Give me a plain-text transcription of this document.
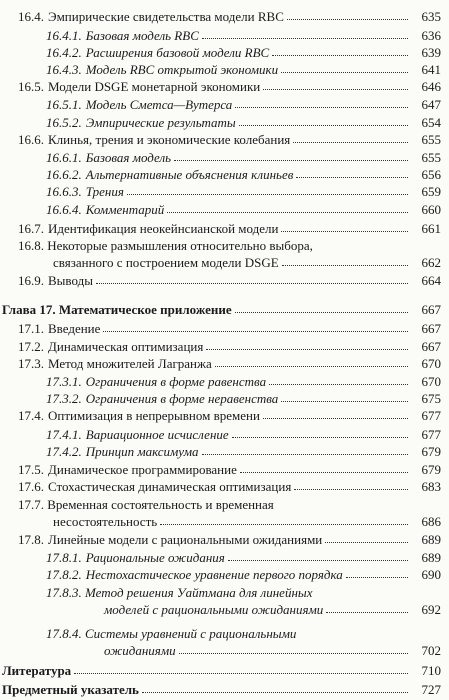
16.4. Эмпирические свидетельства модели RBC	635
16.4.1. Базовая модель RBC	636
16.4.2. Расширения базовой модели RBC	639
16.4.3. Модель RBC открытой экономики	641
16.5. Модели DSGE монетарной экономики	646
16.5.1. Модель Сметса—Вутерса	647
16.5.2. Эмпирические результаты	654
16.6. Клинья, трения и экономические колебания	655
16.6.1. Базовая модель	655
16.6.2. Альтернативные объяснения клиньев	656
16.6.3. Трения	659
16.6.4. Комментарий	660
16.7. Идентификация неокейнсианской модели	661
16.8. Некоторые размышления относительно выбора,
связанного с построением модели DSGE	662
16.9. Выводы	664
Глава 17. Математическое приложение	667
17.1. Введение	667
17.2. Динамическая оптимизация	667
17.3. Метод множителей Лагранжа	670
17.3.1. Ограничения в форме равенства	670
17.3.2. Ограничения в форме неравенства	675
17.4. Оптимизация в непрерывном времени	677
17.4.1. Вариационное исчисление	677
17.4.2. Принцип максимума	679
17.5. Динамическое программирование	679
17.6. Стохастическая динамическая оптимизация	683
17.7. Временная состоятельность и временная
несостоятельность	686
17.8. Линейные модели с рациональными ожиданиями	689
17.8.1. Рациональные ожидания	689
17.8.2. Нестохастическое уравнение первого порядка	690
17.8.3. Метод решения Уайтмана для линейных
моделей с рациональными ожиданиями	692
17.8.4. Системы уравнений с рациональными
ожиданиями	702
Литература	710
Предметный указатель	727
